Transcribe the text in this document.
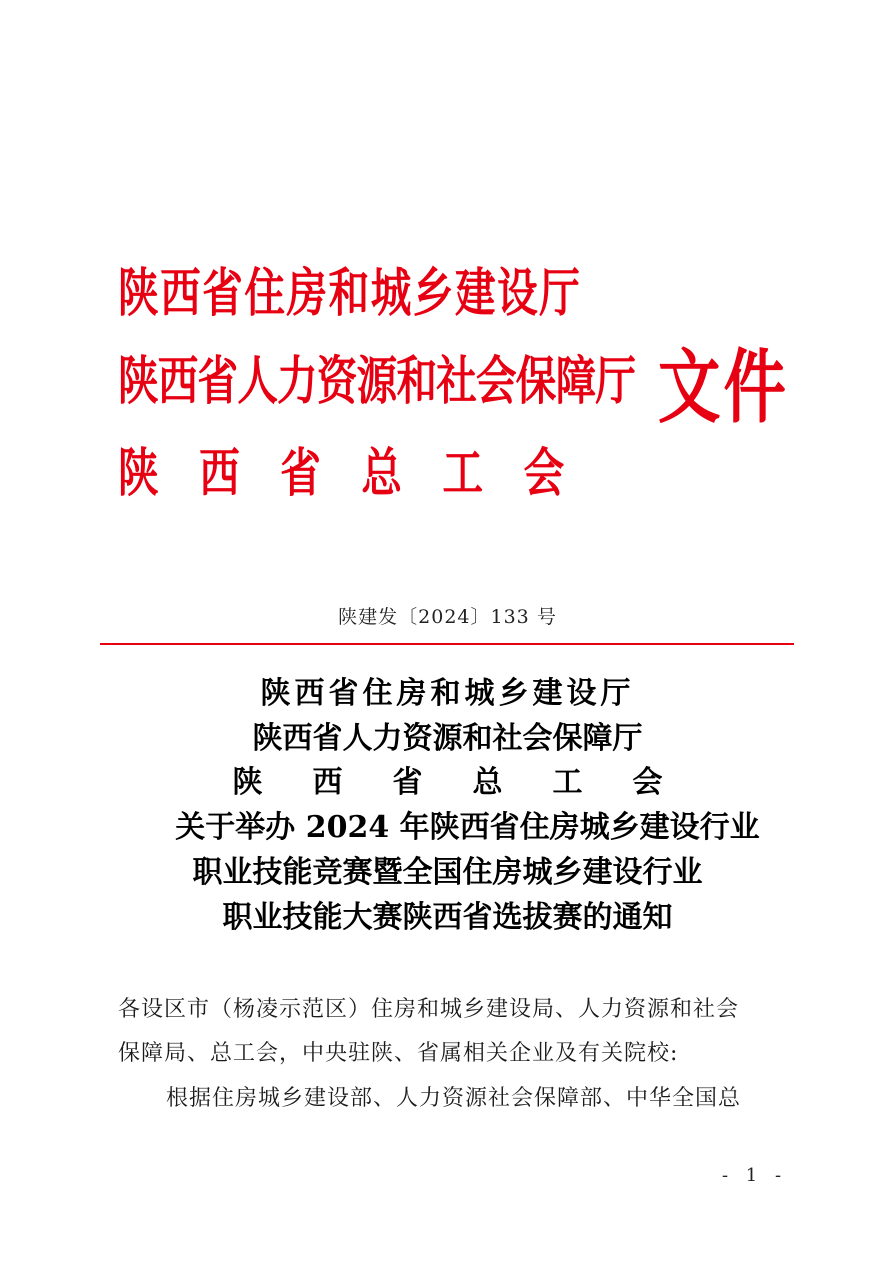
陕西省住房和城乡建设厅
陕西省人力资源和社会保障厅
陕西省总工会
文件
陕建发〔2024〕133 号
陕西省住房和城乡建设厅
陕西省人力资源和社会保障厅
陕西省总工会
关于举办 2024 年陕西省住房城乡建设行业
职业技能竞赛暨全国住房城乡建设行业
职业技能大赛陕西省选拔赛的通知
各设区市（杨凌示范区）住房和城乡建设局、人力资源和社会
保障局、总工会，中央驻陕、省属相关企业及有关院校:
根据住房城乡建设部、人力资源社会保障部、中华全国总
- 1 -
